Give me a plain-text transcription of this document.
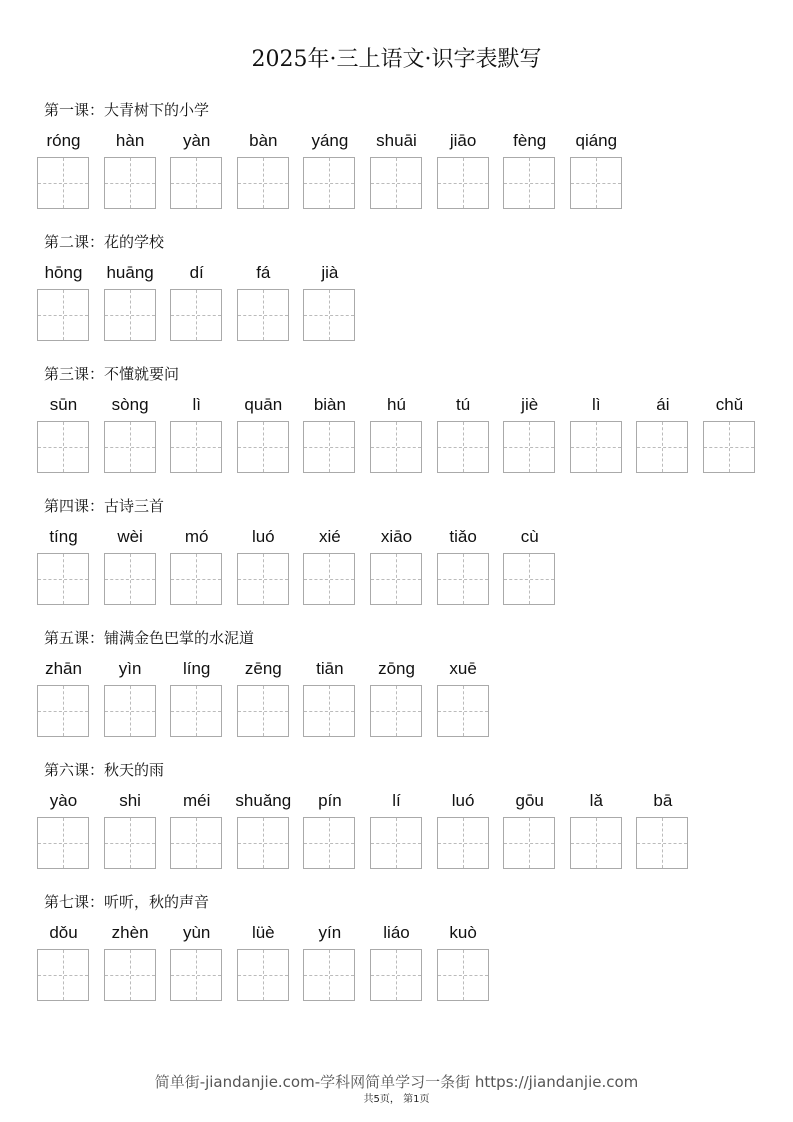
2025年·三上语文·识字表默写
第一课：大青树下的小学
róng	hàn	yàn	bàn	yáng	shuāi	jiāo	fèng	qiáng
第二课：花的学校
hōng	huāng	dí	fá	jià
第三课：不懂就要问
sūn	sòng	lì	quān	biàn	hú	tú	jiè	lì	ái	chǔ
第四课：古诗三首
tíng	wèi	mó	luó	xié	xiāo	tiǎo	cù
第五课：铺满金色巴掌的水泥道
zhān	yìn	líng	zēng	tiān	zōng	xuē
第六课：秋天的雨
yào	shi	méi	shuǎng	pín	lí	luó	gōu	lǎ	bā
第七课：听听，秋的声音
dǒu	zhèn	yùn	lüè	yín	liáo	kuò
简单街-jiandanjie.com-学科网简单学习一条街 https://jiandanjie.com
共5页， 第1页
